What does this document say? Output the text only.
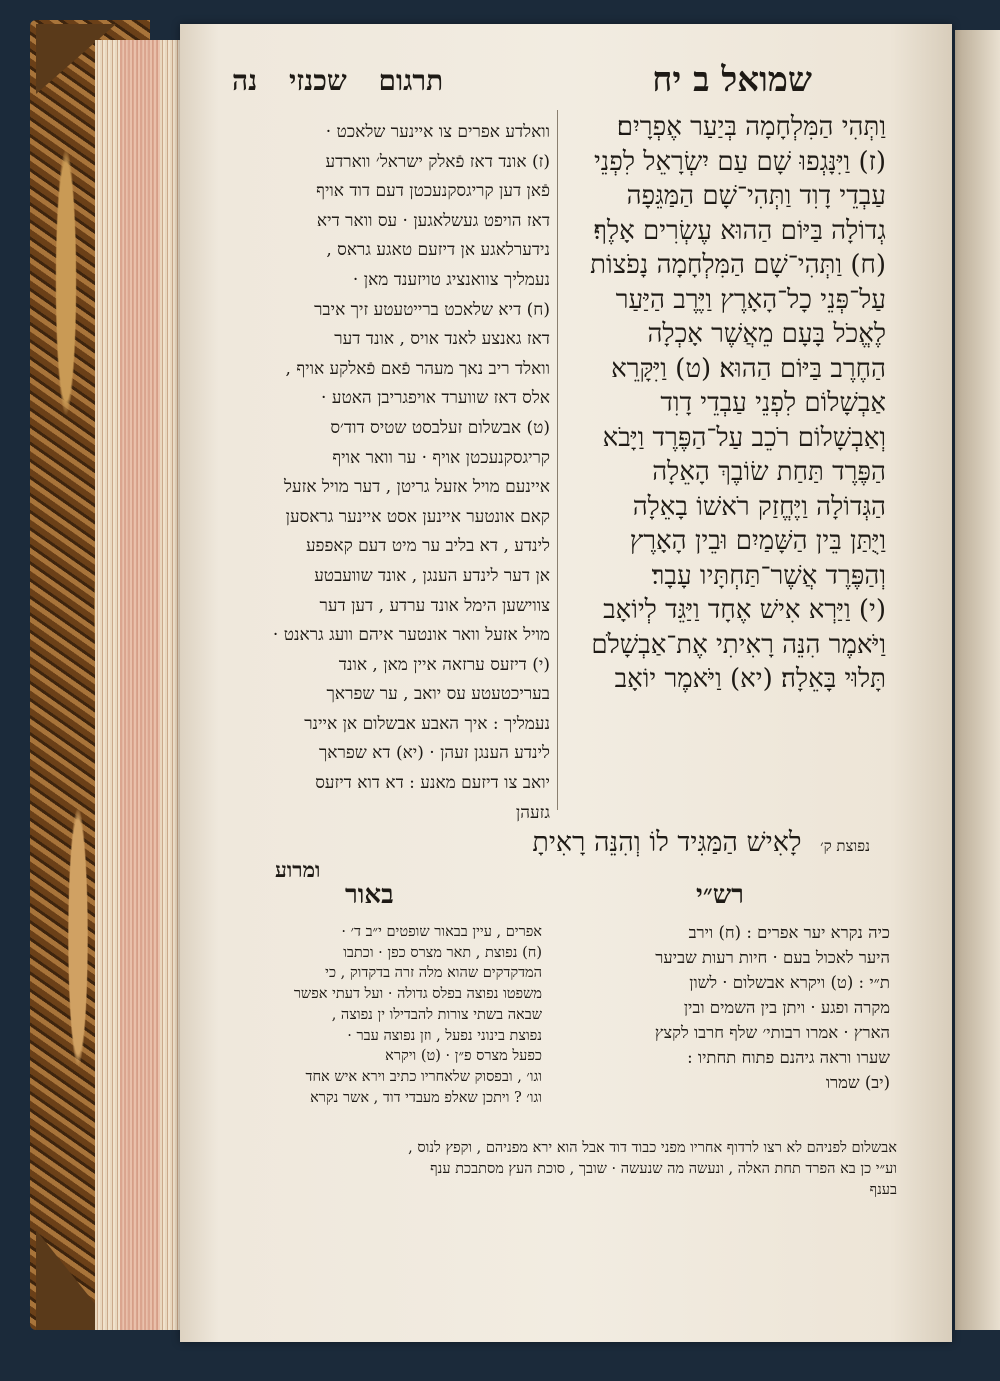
שמואל ב יח
תרגום שכנזי נה
וַתְּהִי הַמִּלְחָמָה בְּיַעַר אֶפְרָיִם׃
(ז) וַיִּנָּגְפוּ שָׁם עַם יִשְׂרָאֵל לִפְנֵי
עַבְדֵי דָוִד וַתְּהִי־שָׁם הַמַּגֵּפָה
גְדוֹלָה בַּיּוֹם הַהוּא עֶשְׂרִים אָלֶף׃
(ח) וַתְּהִי־שָׁם הַמִּלְחָמָה נָפֹצוֹת
עַל־פְּנֵי כָל־הָאָרֶץ וַיֶּרֶב הַיַּעַר
לֶאֱכֹל בָּעָם מֵאֲשֶׁר אָכְלָה
הַחֶרֶב בַּיּוֹם הַהוּא׃ (ט) וַיִּקָּרֵא
אַבְשָׁלוֹם לִפְנֵי עַבְדֵי דָוִד
וְאַבְשָׁלוֹם רֹכֵב עַל־הַפֶּרֶד וַיָּבֹא
הַפֶּרֶד תַּחַת שׂוֹבֶךְ הָאֵלָה
הַגְּדוֹלָה וַיֶּחֱזַק רֹאשׁוֹ בָאֵלָה
וַיֻּתַּן בֵּין הַשָּׁמַיִם וּבֵין הָאָרֶץ
וְהַפֶּרֶד אֲשֶׁר־תַּחְתָּיו עָבָר׃
(י) וַיַּרְא אִישׁ אֶחָד וַיַּגֵּד לְיוֹאָב
וַיֹּאמֶר הִנֵּה רָאִיתִי אֶת־אַבְשָׁלֹם
תָּלוּי בָּאֵלָה׃ (יא) וַיֹּאמֶר יוֹאָב
נפוצת ק׳ לָאִישׁ הַמַּגִּיד לוֹ וְהִנֵּה רָאִיתָ
וואלדע אפרים צו איינער שלאכט ·
(ז) אונד דאז פֿאלק ישראל׳ ווארדע
פֿאן דען קריגסקנעכטן דעם דוד אויף
דאז הויפט געשלאגען · עס וואר דיא
נידערלאגע אן דיזעם טאגע גראס ,
נעמליך צוואנציג טויזענד מאן ·
(ח) דיא שלאכט ברייטעטע זיך איבר
דאז גאנצע לאנד אויס , אונד דער
וואלד ריב נאך מעהר פֿאם פֿאלקע אויף ,
אלס דאז שווערד אויפגריבן האטע ·
(ט) אבשלום זעלבסט שטיס דוד׳ס
קריגסקנעכטן אויף · ער וואר אויף
איינעם מויל אזעל גריטן , דער מויל אזעל
קאם אונטער איינען אסט איינער גראסען
לינדע , דא בליב ער מיט דעם קאפפע
אן דער לינדע הענגן , אונד שוועבטע
צווישען הימל אונד ערדע , דען דער
מויל אזעל וואר אונטער איהם וועג גראנט ·
(י) דיזעס ערזאה איין מאן , אונד
בעריכטעטע עס יואב , ער שפראך
נעמליך : איך האבע אבשלום אן איינר
לינדע הענגן זעהן · (יא) דא שפראך
יואב צו דיזעם מאנע : דא דוא דיזעס
גזעהן
ומרוע
רש״י
באור
כיה נקרא יער אפרים : (ח) וירב
היער לאכול בעם · חיות רעות שביער
ת״י : (ט) ויקרא אבשלום · לשון
מקרה ופגע · ויתן בין השמים ובין
הארץ · אמרו רבותי׳ שלף חרבו לקצץ
שערו וראה גיהנם פתוח תחתיו :
(יב) שמרו
אפרים , עיין בבאור שופטים י״ב ד׳ ·
(ח) נפוצת , תאר מצרס כפן · וכתבו
המדקדקים שהוא מלה זרה בדקדוק , כי
משפטו נפוצה בפלס גדולה · ועל דעתי אפשר
שבאה בשתי צורות להבדילו ין נפוצה ,
נפוצת בינוני נפעל , וזן נפוצה עבר ·
כפעל מצרס פ״ן · (ט) ויקרא
וגו׳ , ובפסוק שלאחריו כתיב וירא איש אחד
וגו׳ ? ויתכן שאלפ מעבדי דוד , אשר נקרא
אבשלום לפניהם לא רצו לרדוף אחריו מפני כבוד דוד אבל הוא ירא מפניהם , וקפץ לנוס ,
וע״י כן בא הפרד תחת האלה , ונעשה מה שנעשה · שובך , סוכת העץ מסתבכת ענף
בענף
